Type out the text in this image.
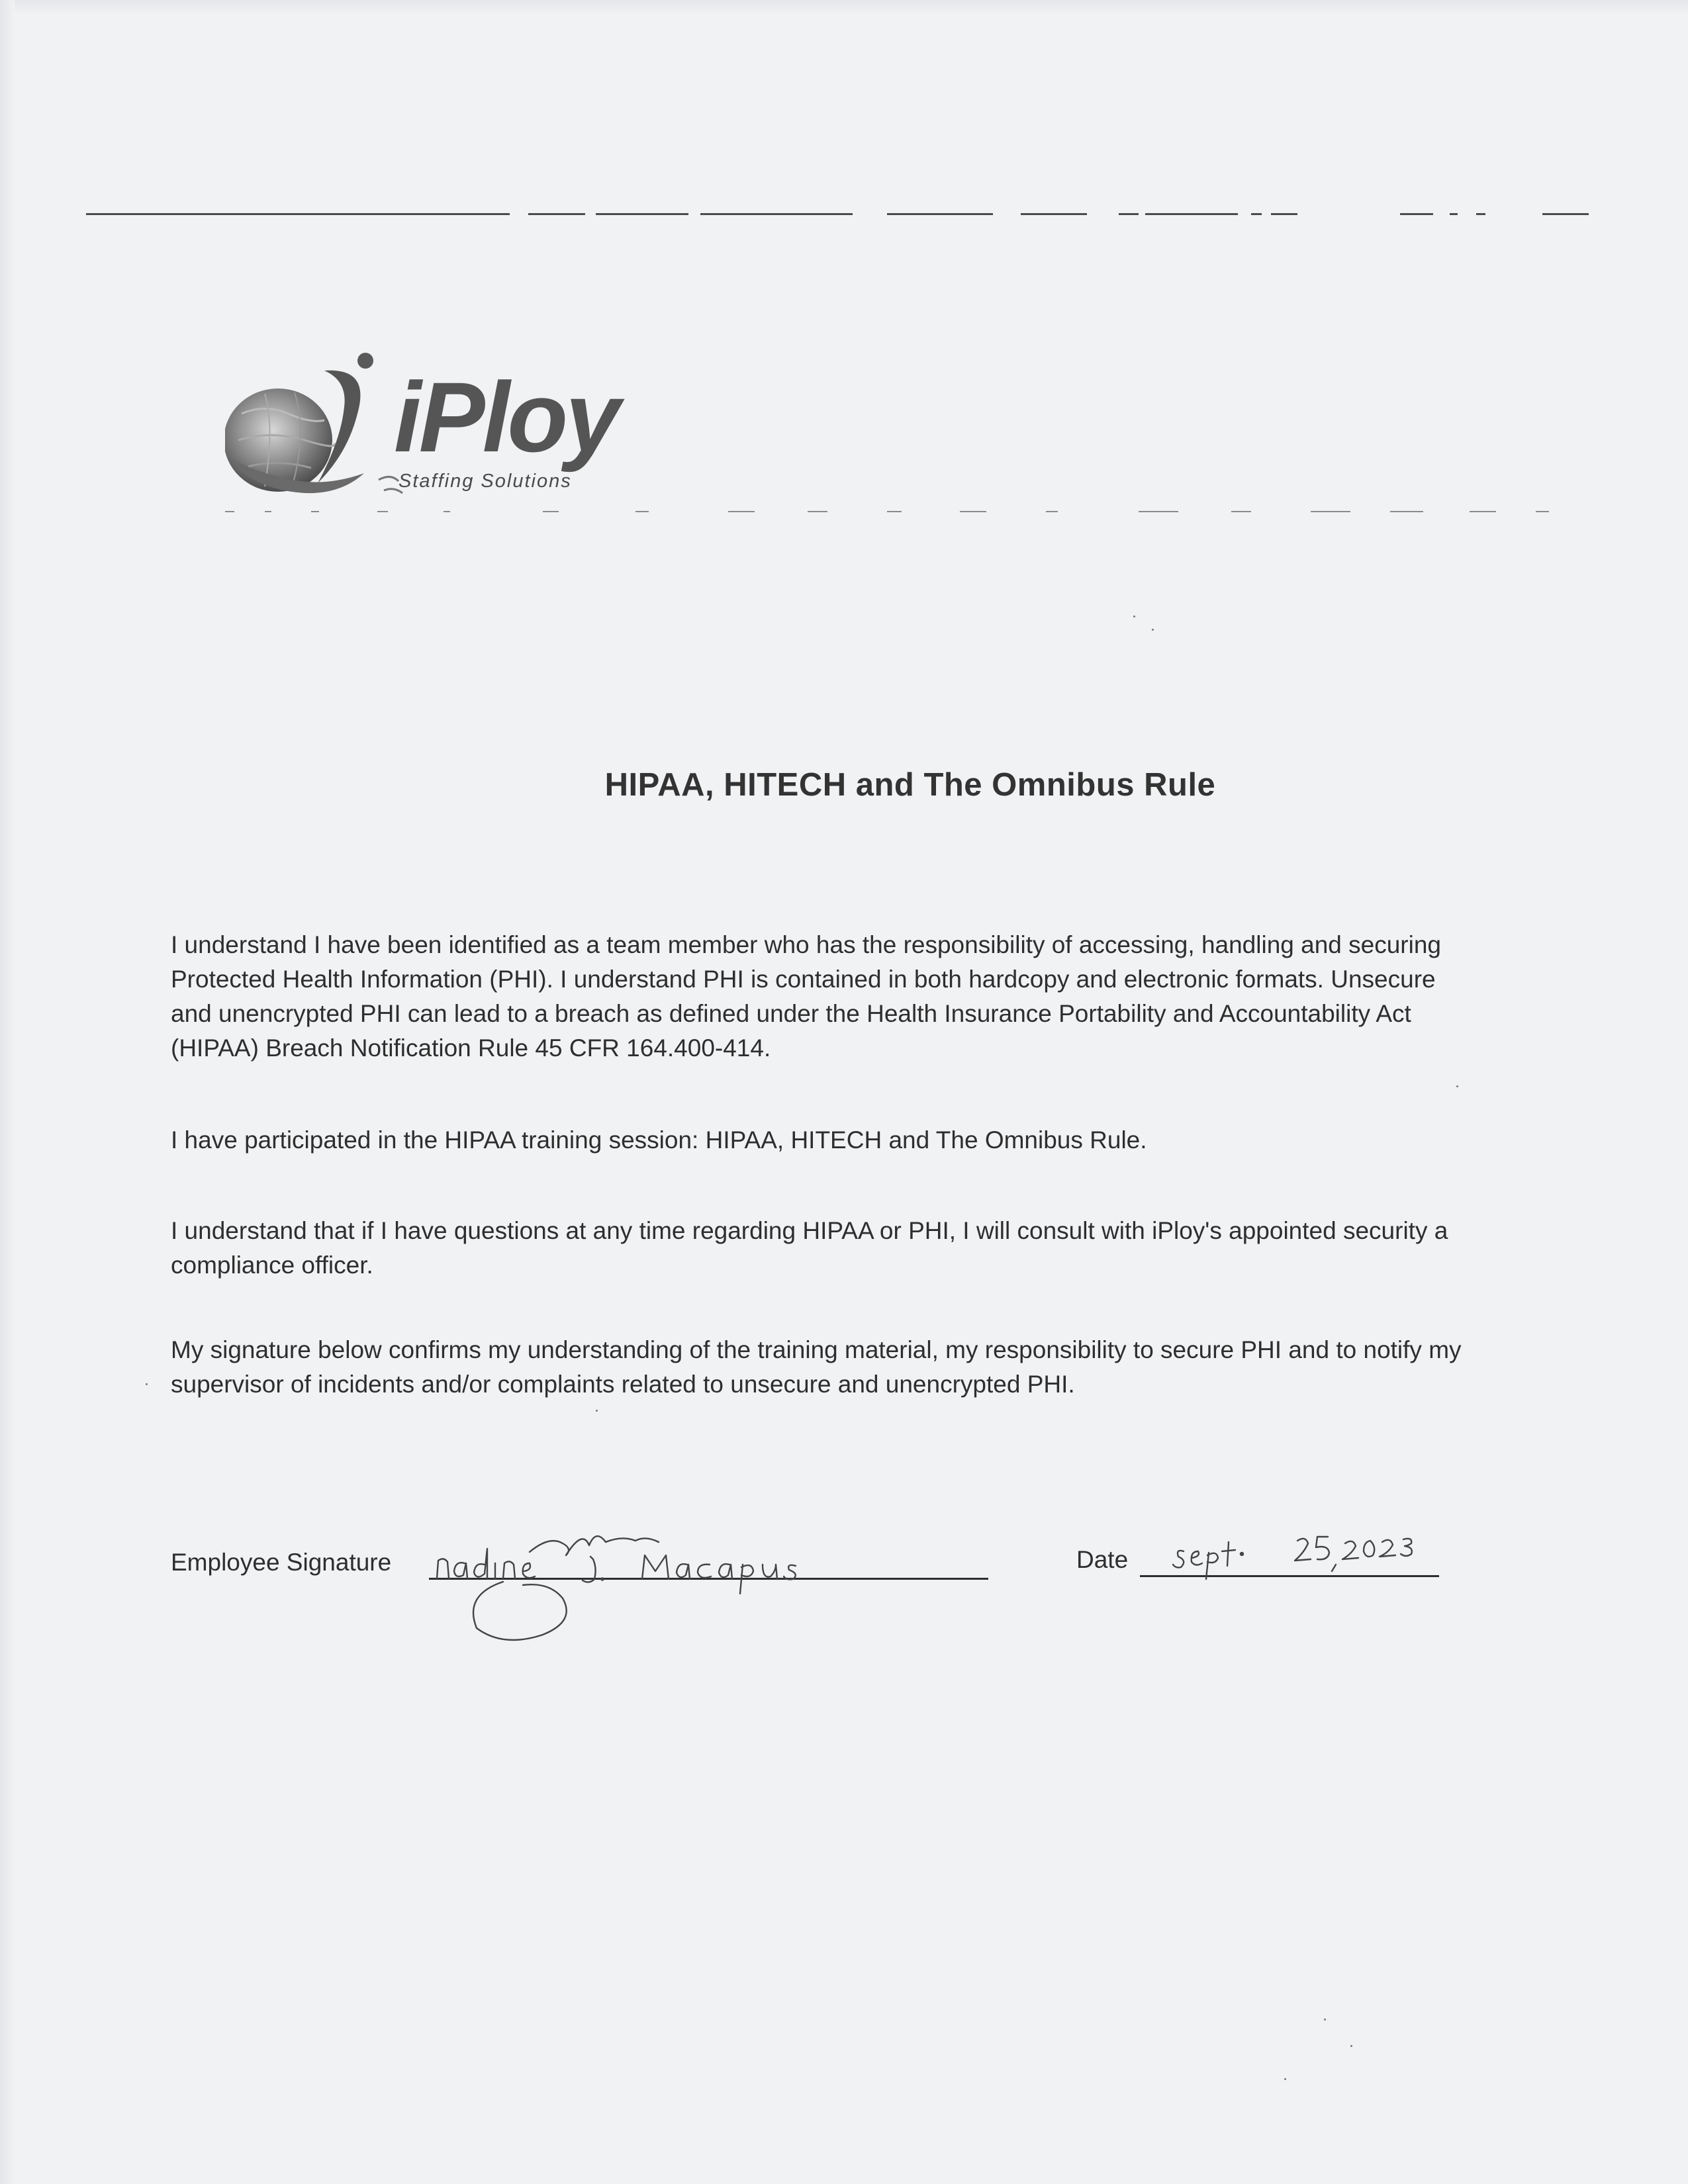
iPloy
Staffing Solutions
HIPAA, HITECH and The Omnibus Rule
I understand I have been identified as a team member who has the responsibility of accessing, handling and securing
Protected Health Information (PHI). I understand PHI is contained in both hardcopy and electronic formats. Unsecure
and unencrypted PHI can lead to a breach as defined under the Health Insurance Portability and Accountability Act
(HIPAA) Breach Notification Rule 45 CFR 164.400-414.
I have participated in the HIPAA training session: HIPAA, HITECH and The Omnibus Rule.
I understand that if I have questions at any time regarding HIPAA or PHI, I will consult with iPloy's appointed security a
compliance officer.
My signature below confirms my understanding of the training material, my responsibility to secure PHI and to notify my
supervisor of incidents and/or complaints related to unsecure and unencrypted PHI.
Employee Signature	Date
